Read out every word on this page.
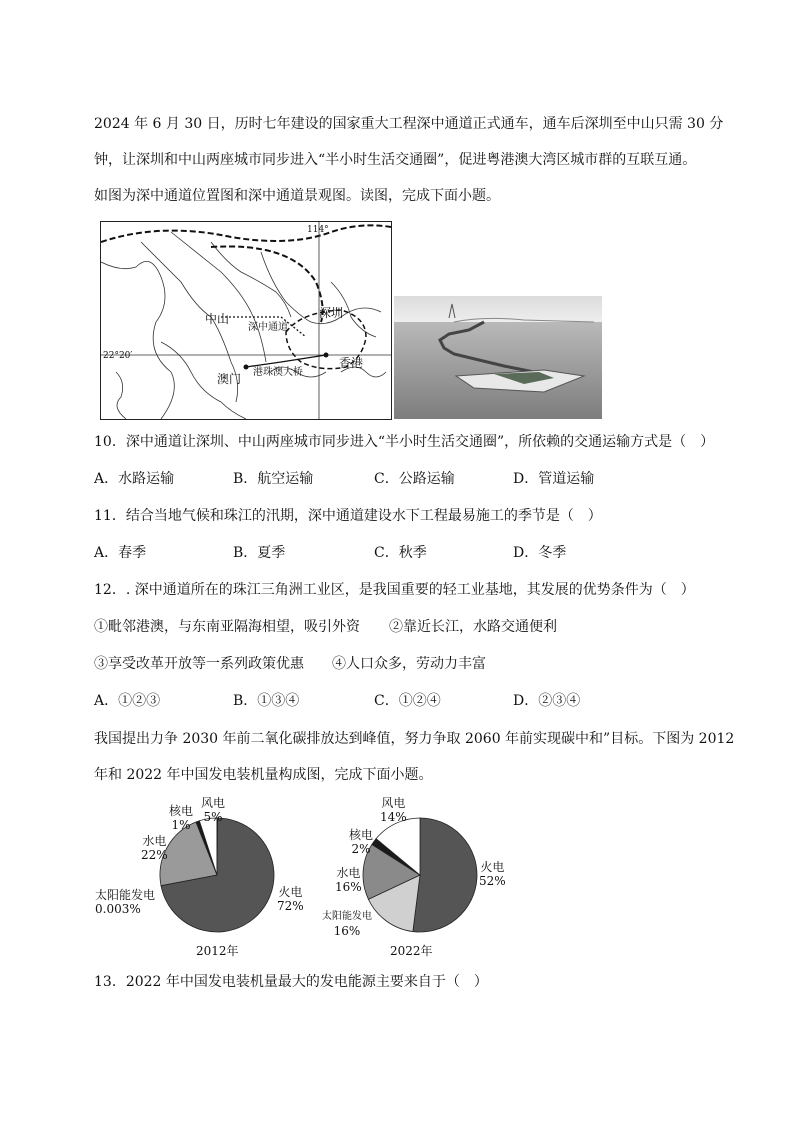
2024 年 6 月 30 日，历时七年建设的国家重大工程深中通道正式通车，通车后深圳至中山只需 30 分
钟，让深圳和中山两座城市同步进入“半小时生活交通圈”，促进粤港澳大湾区城市群的互联互通。
如图为深中通道位置图和深中通道景观图。读图，完成下面小题。
114°
22°20′
中山	深圳
深中通道
澳门 港珠澳大桥
香港
10．深中通道让深圳、中山两座城市同步进入“半小时生活交通圈”，所依赖的交通运输方式是（　）
A．水路运输	B．航空运输	C．公路运输	D．管道运输
11．结合当地气候和珠江的汛期，深中通道建设水下工程最易施工的季节是（　）
A．春季	B．夏季	C．秋季	D．冬季
12．. 深中通道所在的珠江三角洲工业区，是我国重要的轻工业基地，其发展的优势条件为（　）
①毗邻港澳，与东南亚隔海相望，吸引外资 ②靠近长江，水路交通便利
③享受改革开放等一系列政策优惠 ④人口众多，劳动力丰富
A．①②③	B．①③④	C．①②④	D．②③④
我国提出力争 2030 年前二氧化碳排放达到峰值，努力争取 2060 年前实现碳中和”目标。下图为 2012
年和 2022 年中国发电装机量构成图，完成下面小题。
核电
1%
风电
5%
水电
22%
太阳能发电
0.003%
火电
72%
2012年
风电
14%
核电
2%
水电
16%
太阳能发电
16%
火电
52%
2022年
13．2022 年中国发电装机量最大的发电能源主要来自于（　）
